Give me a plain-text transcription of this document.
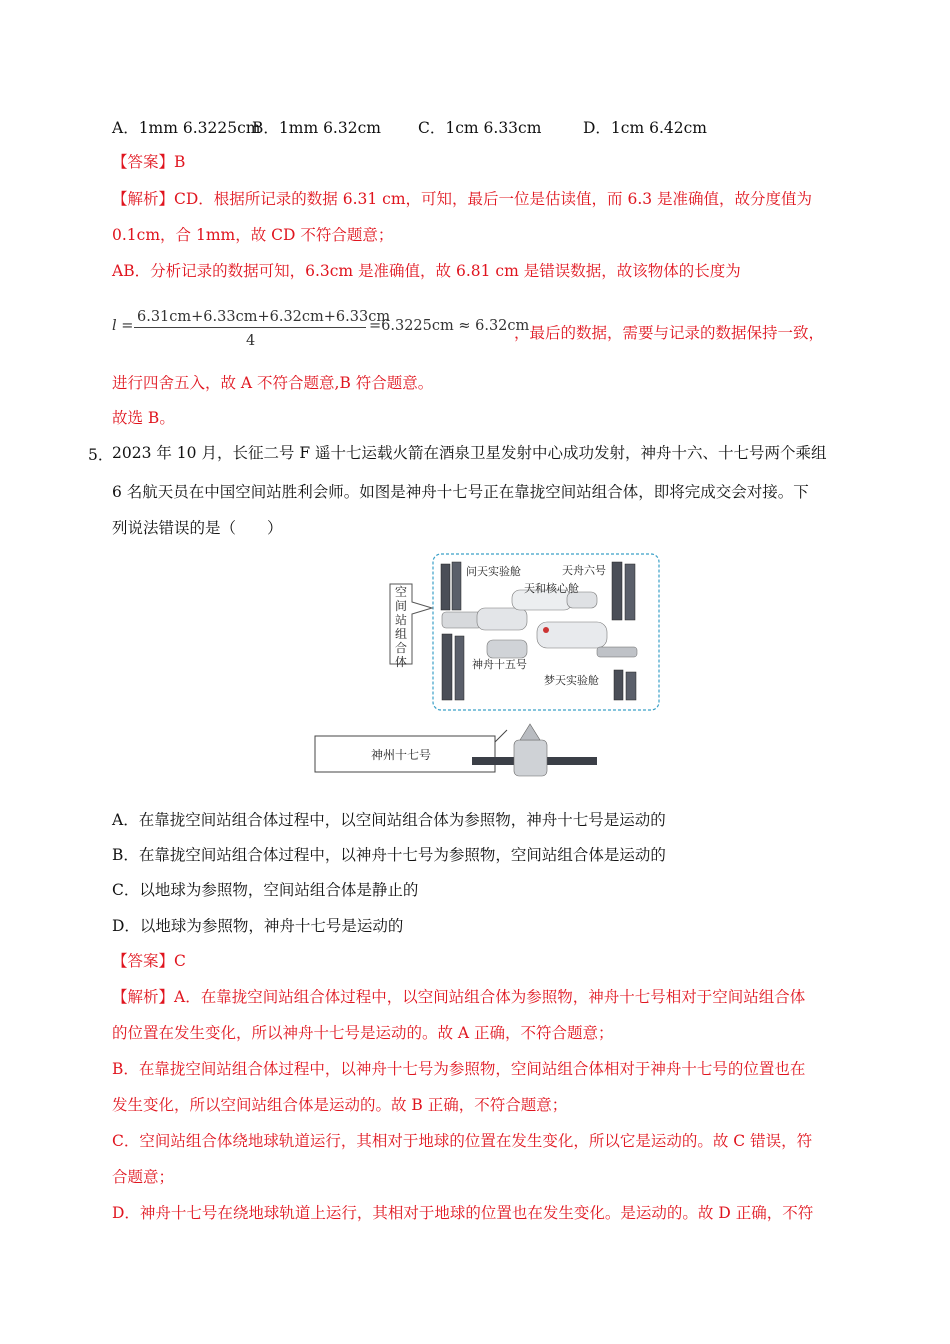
A．1mm 6.3225cm
B．1mm 6.32cm C．1cm 6.33cm	D．1cm 6.42cm
【答案】B
【解析】CD．根据所记录的数据 6.31 cm，可知，最后一位是估读值，而 6.3 是准确值，故分度值为
0.1cm，合 1mm，故 CD 不符合题意；
AB．分析记录的数据可知，6.3cm 是准确值，故 6.81 cm 是错误数据，故该物体的长度为
l =
6.31cm+6.33cm+6.32cm+6.33cm
4
=6.3225cm ≈ 6.32cm
，最后的数据，需要与记录的数据保持一致，
进行四舍五入，故 A 不符合题意,B 符合题意。
故选 B。
5．
2023 年 10 月，长征二号 F 遥十七运载火箭在酒泉卫星发射中心成功发射，神舟十六、十七号两个乘组
6 名航天员在中国空间站胜利会师。如图是神舟十七号正在靠拢空间站组合体，即将完成交会对接。下
列说法错误的是（　　）
空
问天实验舱	天舟六号
天和核心舱
神舟十五号
梦天实验舱
神州十七号
间
站
组
合
体
A．在靠拢空间站组合体过程中，以空间站组合体为参照物，神舟十七号是运动的
B．在靠拢空间站组合体过程中，以神舟十七号为参照物，空间站组合体是运动的
C．以地球为参照物，空间站组合体是静止的
D．以地球为参照物，神舟十七号是运动的
【答案】C
【解析】A．在靠拢空间站组合体过程中，以空间站组合体为参照物，神舟十七号相对于空间站组合体
的位置在发生变化，所以神舟十七号是运动的。故 A 正确，不符合题意；
B．在靠拢空间站组合体过程中，以神舟十七号为参照物，空间站组合体相对于神舟十七号的位置也在
发生变化，所以空间站组合体是运动的。故 B 正确，不符合题意；
C．空间站组合体绕地球轨道运行，其相对于地球的位置在发生变化，所以它是运动的。故 C 错误，符
合题意；
D．神舟十七号在绕地球轨道上运行，其相对于地球的位置也在发生变化。是运动的。故 D 正确，不符
